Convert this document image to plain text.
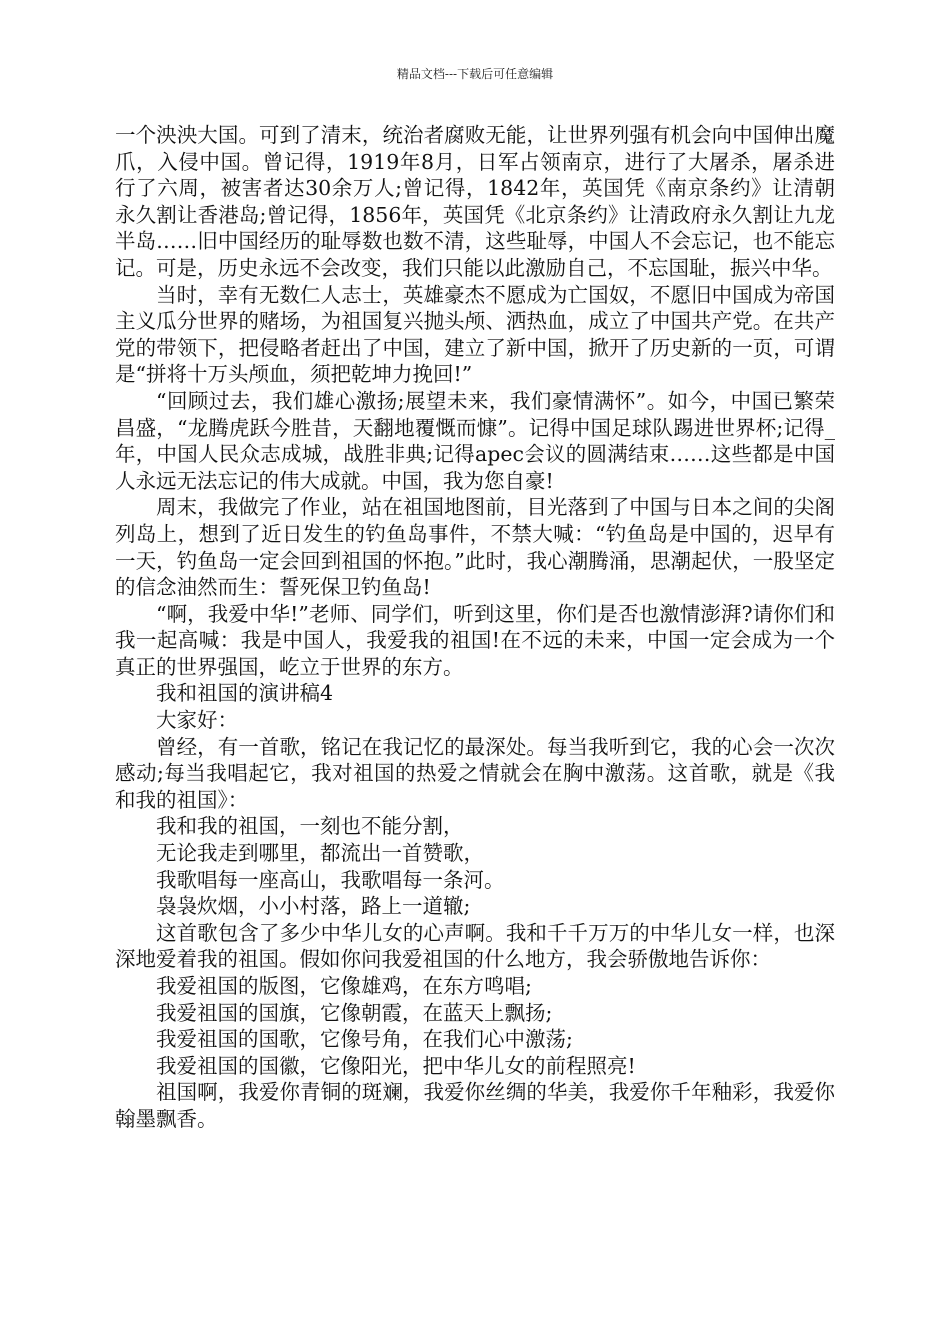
精品文档---下载后可任意编辑

一个泱泱大国。可到了清末，统治者腐败无能，让世界列强有机会向中国伸出魔爪，入侵中国。曾记得，1919年8月，日军占领南京，进行了大屠杀，屠杀进行了六周，被害者达30余万人;曾记得，1842年，英国凭《南京条约》让清朝永久割让香港岛;曾记得，1856年，英国凭《北京条约》让清政府永久割让九龙半岛……旧中国经历的耻辱数也数不清，这些耻辱，中国人不会忘记，也不能忘记。可是，历史永远不会改变，我们只能以此激励自己，不忘国耻，振兴中华。

当时，幸有无数仁人志士，英雄豪杰不愿成为亡国奴，不愿旧中国成为帝国主义瓜分世界的赌场，为祖国复兴抛头颅、洒热血，成立了中国共产党。在共产党的带领下，把侵略者赶出了中国，建立了新中国，掀开了历史新的一页，可谓是“拼将十万头颅血，须把乾坤力挽回!”

“回顾过去，我们雄心激扬;展望未来，我们豪情满怀”。如今，中国已繁荣昌盛，“龙腾虎跃今胜昔，天翻地覆慨而慷”。记得中国足球队踢进世界杯;记得_年，中国人民众志成城，战胜非典;记得apec会议的圆满结束……这些都是中国人永远无法忘记的伟大成就。中国，我为您自豪!

周末，我做完了作业，站在祖国地图前，目光落到了中国与日本之间的尖阁列岛上，想到了近日发生的钓鱼岛事件，不禁大喊：“钓鱼岛是中国的，迟早有一天，钓鱼岛一定会回到祖国的怀抱。”此时，我心潮腾涌，思潮起伏，一股坚定的信念油然而生：誓死保卫钓鱼岛!

“啊，我爱中华!”老师、同学们，听到这里，你们是否也激情澎湃?请你们和我一起高喊：我是中国人，我爱我的祖国!在不远的未来，中国一定会成为一个真正的世界强国，屹立于世界的东方。

我和祖国的演讲稿4

大家好：

曾经，有一首歌，铭记在我记忆的最深处。每当我听到它，我的心会一次次感动;每当我唱起它，我对祖国的热爱之情就会在胸中激荡。这首歌，就是《我和我的祖国》：

我和我的祖国，一刻也不能分割，

无论我走到哪里，都流出一首赞歌，

我歌唱每一座高山，我歌唱每一条河。

袅袅炊烟，小小村落，路上一道辙;

这首歌包含了多少中华儿女的心声啊。我和千千万万的中华儿女一样，也深深地爱着我的祖国。假如你问我爱祖国的什么地方，我会骄傲地告诉你：

我爱祖国的版图，它像雄鸡，在东方鸣唱;

我爱祖国的国旗，它像朝霞，在蓝天上飘扬;

我爱祖国的国歌，它像号角，在我们心中激荡;

我爱祖国的国徽，它像阳光，把中华儿女的前程照亮!

祖国啊，我爱你青铜的斑斓，我爱你丝绸的华美，我爱你千年釉彩，我爱你翰墨飘香。
